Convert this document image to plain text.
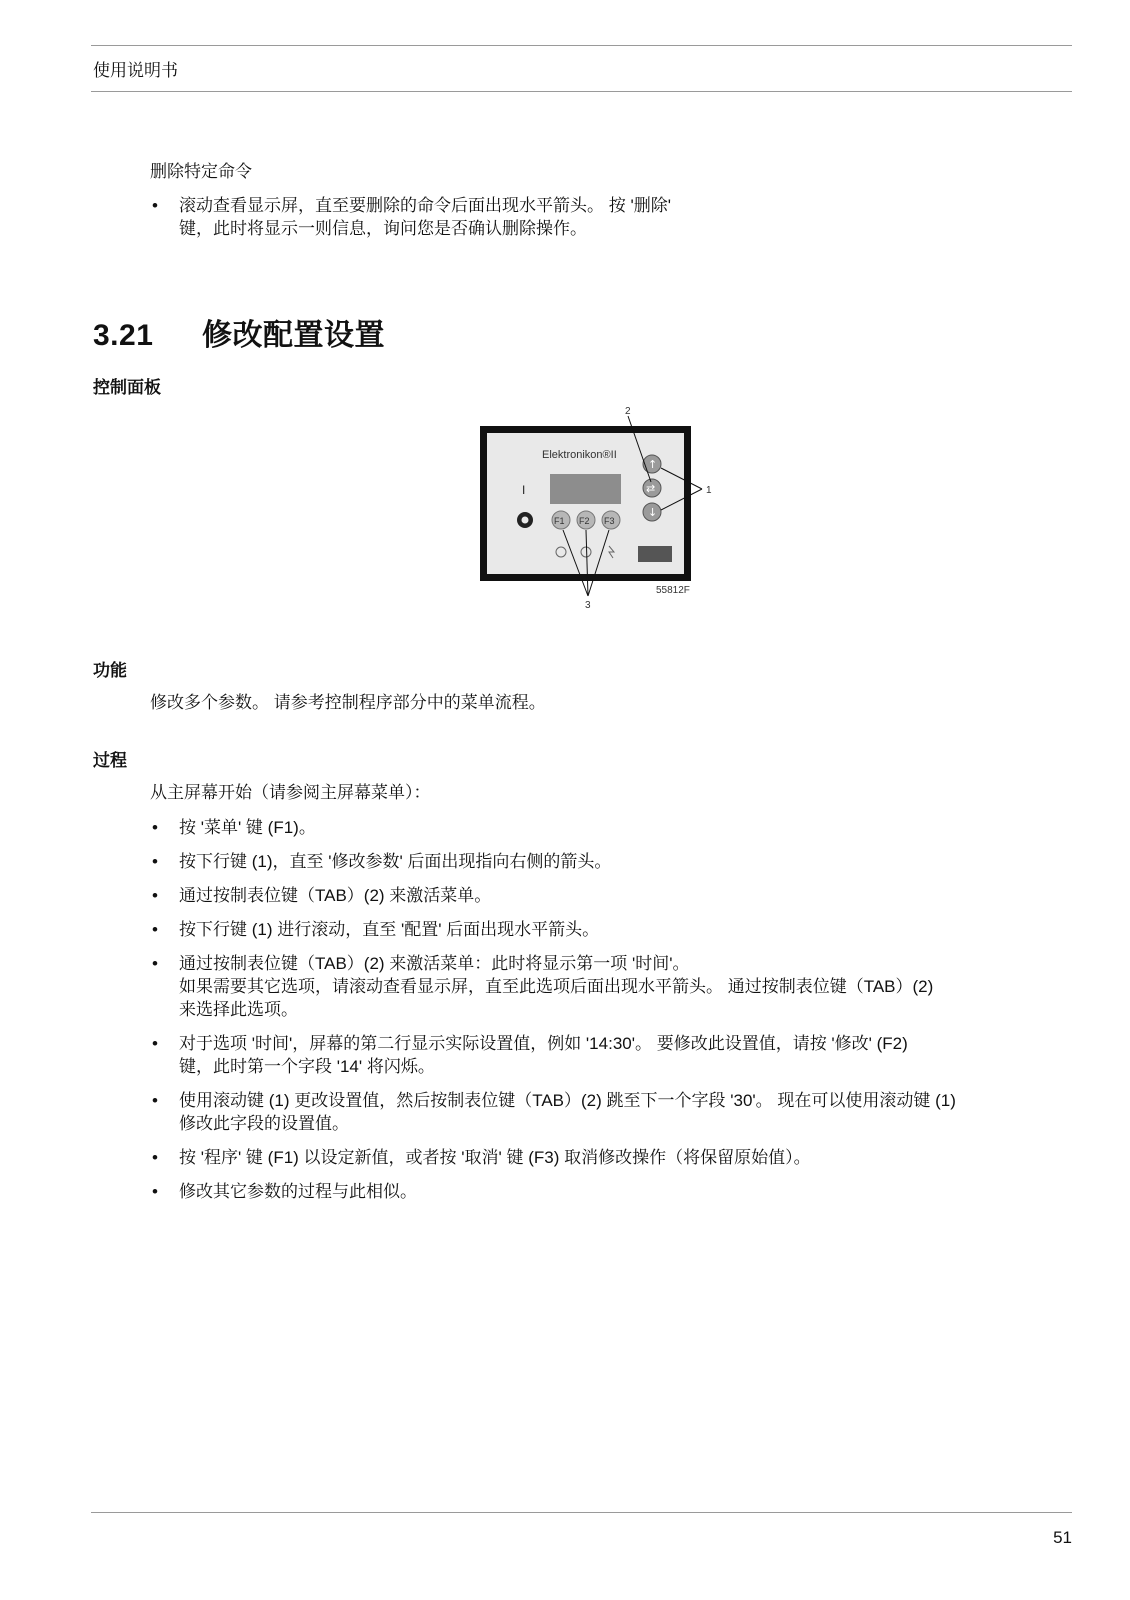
使用说明书
删除特定命令
• 滚动查看显示屏，直至要删除的命令后面出现水平箭头。 按 '删除'
键，此时将显示一则信息，询问您是否确认删除操作。
3.21 修改配置设置
控制面板
Elektronikon®II
I
F1 F2 F3
↑
⇄
↓
2
1
3
55812F
功能
修改多个参数。 请参考控制程序部分中的菜单流程。
过程
从主屏幕开始（请参阅主屏幕菜单）：
• 按 '菜单' 键 (F1)。
• 按下行键 (1)，直至 '修改参数' 后面出现指向右侧的箭头。
• 通过按制表位键（TAB）(2) 来激活菜单。
• 按下行键 (1) 进行滚动，直至 '配置' 后面出现水平箭头。
• 通过按制表位键（TAB）(2) 来激活菜单：此时将显示第一项 '时间'。
如果需要其它选项，请滚动查看显示屏，直至此选项后面出现水平箭头。 通过按制表位键（TAB）(2)
来选择此选项。
• 对于选项 '时间'，屏幕的第二行显示实际设置值，例如 '14:30'。 要修改此设置值，请按 '修改' (F2)
键，此时第一个字段 '14' 将闪烁。
• 使用滚动键 (1) 更改设置值，然后按制表位键（TAB）(2) 跳至下一个字段 '30'。 现在可以使用滚动键 (1)
修改此字段的设置值。
• 按 '程序' 键 (F1) 以设定新值，或者按 '取消' 键 (F3) 取消修改操作（将保留原始值）。
• 修改其它参数的过程与此相似。
51
